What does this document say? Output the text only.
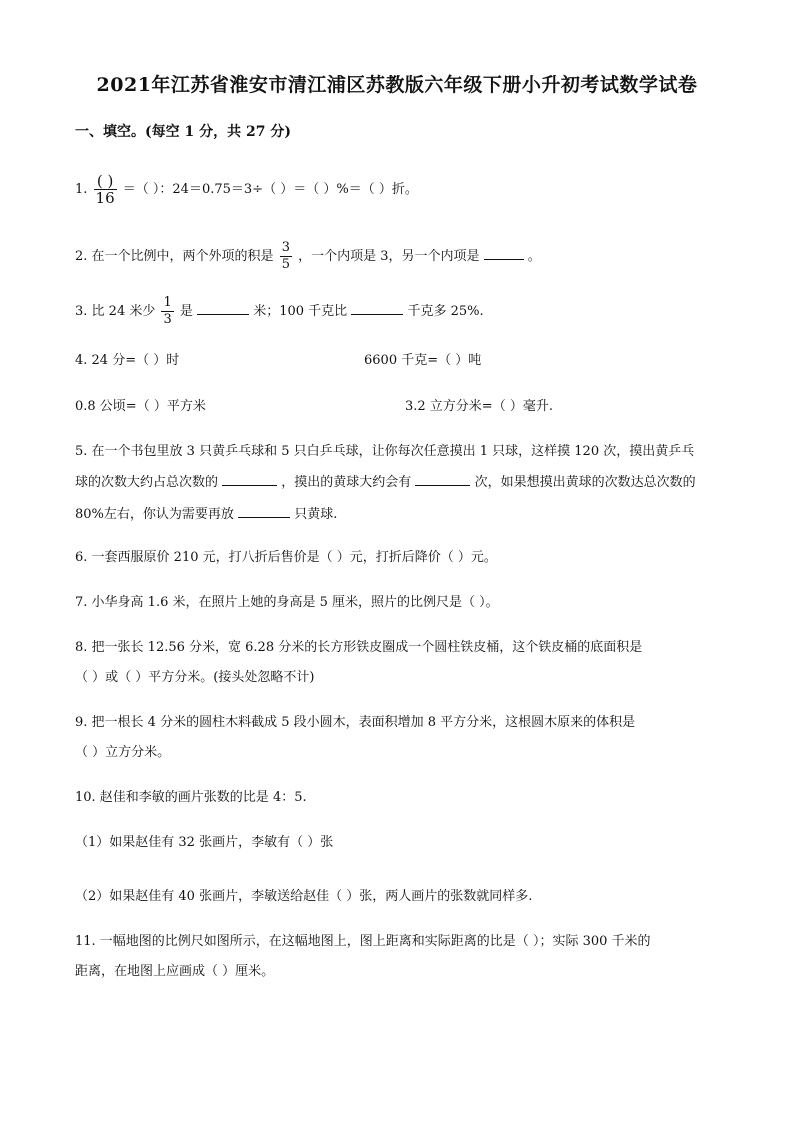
2021年江苏省淮安市清江浦区苏教版六年级下册小升初考试数学试卷
一、填空。(每空 1 分，共 27 分)
1. $\frac{( )}{16}$ ＝（ ）：24＝0.75＝3÷（ ）＝（ ）%＝（ ）折。
2. 在一个比例中，两个外项的积是 $\frac{3}{5}$ ，一个内项是 3，另一个内项是	。
3. 比 24 米少 $\frac{1}{3}$ 是	米；100 千克比	千克多 25%.
4. 24 分=（ ）时	6600 千克=（ ）吨
0.8 公顷=（ ）平方米	3.2 立方分米=（ ）毫升.
5. 在一个书包里放 3 只黄乒乓球和 5 只白乒乓球，让你每次任意摸出 1 只球，这样摸 120 次，摸出黄乒乓
球的次数大约占总次数的	，摸出的黄球大约会有	次，如果想摸出黄球的次数达总次数的
80%左右，你认为需要再放	只黄球.
6. 一套西服原价 210 元，打八折后售价是（ ）元，打折后降价（ ）元。
7. 小华身高 1.6 米，在照片上她的身高是 5 厘米，照片的比例尺是（ ）。
8. 把一张长 12.56 分米，宽 6.28 分米的长方形铁皮圈成一个圆柱铁皮桶，这个铁皮桶的底面积是
（ ）或（ ）平方分米。(接头处忽略不计)
9. 把一根长 4 分米的圆柱木料截成 5 段小圆木，表面积增加 8 平方分米，这根圆木原来的体积是
（ ）立方分米。
10. 赵佳和李敏的画片张数的比是 4：5.
（1）如果赵佳有 32 张画片，李敏有（ ）张
（2）如果赵佳有 40 张画片，李敏送给赵佳（ ）张，两人画片的张数就同样多.
11. 一幅地图的比例尺如图所示，在这幅地图上，图上距离和实际距离的比是（ ）；实际 300 千米的
距离，在地图上应画成（ ）厘米。
